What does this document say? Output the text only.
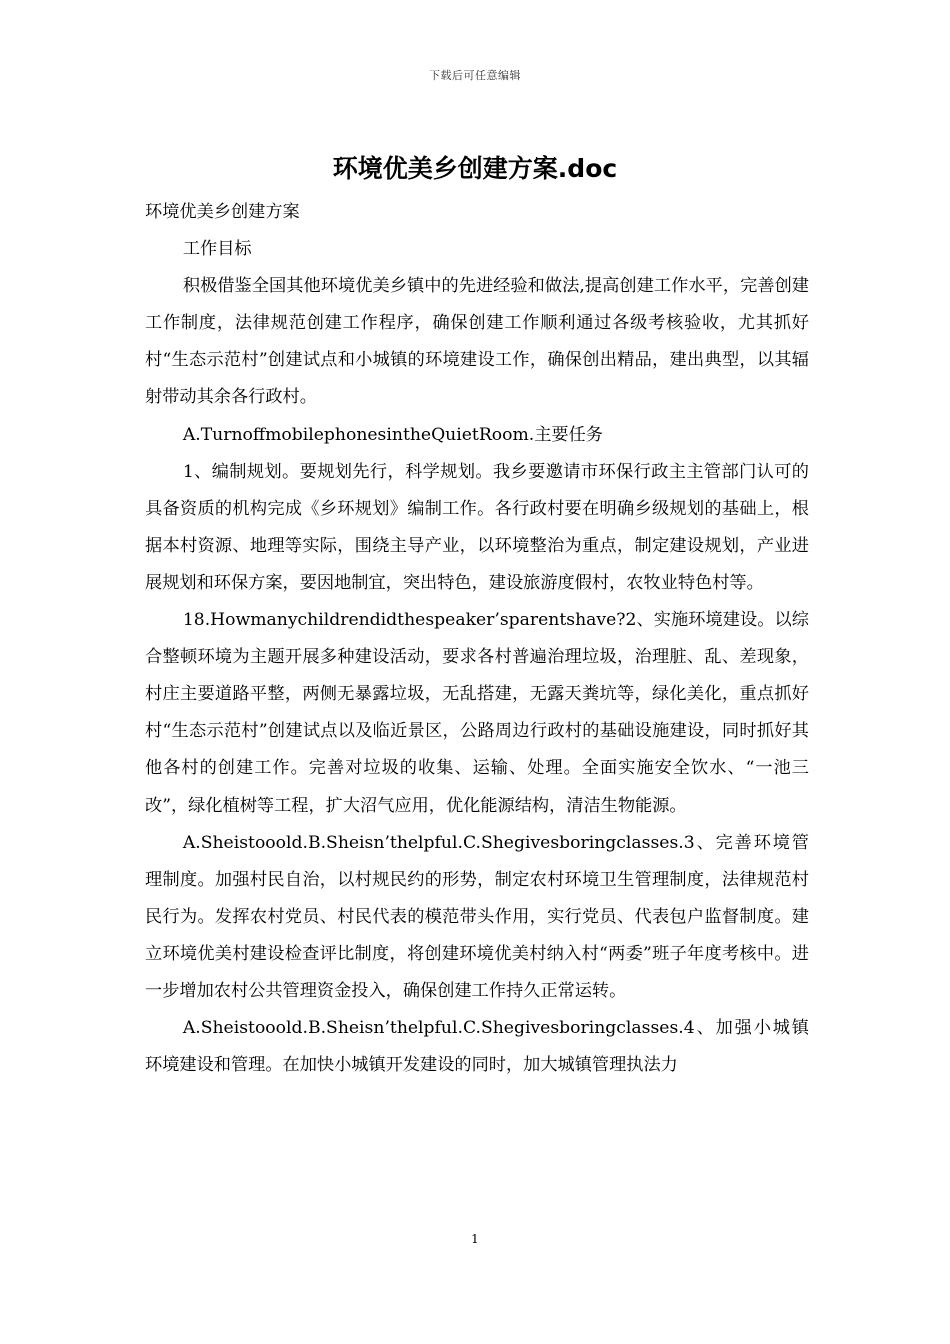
下载后可任意编辑
环境优美乡创建方案.doc

环境优美乡创建方案

工作目标

积极借鉴全国其他环境优美乡镇中的先进经验和做法,提高创建工作水平，完善创建工作制度，法律规范创建工作程序，确保创建工作顺利通过各级考核验收，尤其抓好村“生态示范村”创建试点和小城镇的环境建设工作，确保创出精品，建出典型，以其辐射带动其余各行政村。

A.TurnoffmobilephonesintheQuietRoom.主要任务

1、编制规划。要规划先行，科学规划。我乡要邀请市环保行政主主管部门认可的具备资质的机构完成《乡环规划》编制工作。各行政村要在明确乡级规划的基础上，根据本村资源、地理等实际，围绕主导产业，以环境整治为重点，制定建设规划，产业进展规划和环保方案，要因地制宜，突出特色，建设旅游度假村，农牧业特色村等。

18.Howmanychildrendidthespeaker’sparentshave?2、实施环境建设。以综合整顿环境为主题开展多种建设活动，要求各村普遍治理垃圾，治理脏、乱、差现象，村庄主要道路平整，两侧无暴露垃圾，无乱搭建，无露天粪坑等，绿化美化，重点抓好村“生态示范村”创建试点以及临近景区，公路周边行政村的基础设施建设，同时抓好其他各村的创建工作。完善对垃圾的收集、运输、处理。全面实施安全饮水、“一池三改”，绿化植树等工程，扩大沼气应用，优化能源结构，清洁生物能源。

A.Sheistooold.B.Sheisn’thelpful.C.Shegivesboringclasses.3、完善环境管理制度。加强村民自治，以村规民约的形势，制定农村环境卫生管理制度，法律规范村民行为。发挥农村党员、村民代表的模范带头作用，实行党员、代表包户监督制度。建立环境优美村建设检查评比制度，将创建环境优美村纳入村“两委”班子年度考核中。进一步增加农村公共管理资金投入，确保创建工作持久正常运转。

A.Sheistooold.B.Sheisn’thelpful.C.Shegivesboringclasses.4、加强小城镇环境建设和管理。在加快小城镇开发建设的同时，加大城镇管理执法力

1
